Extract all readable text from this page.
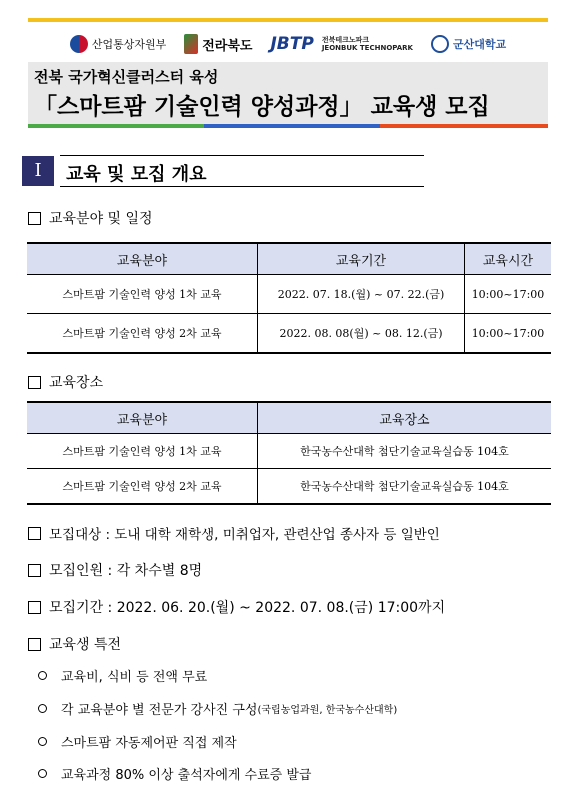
산업통상자원부	전라북도 JBTP 전북테크노파크
JEONBUK TECHNOPARK	군산대학교
전북 국가혁신클러스터 육성
「스마트팜 기술인력 양성과정」 교육생 모집
I	교육 및 모집 개요
교육분야 및 일정
교육분야	교육기간	교육시간
스마트팜 기술인력 양성 1차 교육	2022. 07. 18.(월) ~ 07. 22.(금)	10:00~17:00
스마트팜 기술인력 양성 2차 교육	2022. 08. 08(월) ~ 08. 12.(금)	10:00~17:00
교육장소
교육분야	교육장소
스마트팜 기술인력 양성 1차 교육	한국농수산대학 첨단기술교육실습동 104호
스마트팜 기술인력 양성 2차 교육	한국농수산대학 첨단기술교육실습동 104호
모집대상 : 도내 대학 재학생, 미취업자, 관련산업 종사자 등 일반인
모집인원 : 각 차수별 8명
모집기간 : 2022. 06. 20.(월) ~ 2022. 07. 08.(금) 17:00까지
교육생 특전
교육비, 식비 등 전액 무료
각 교육분야 별 전문가 강사진 구성 (국립농업과원, 한국농수산대학)
스마트팜 자동제어판 직접 제작
교육과정 80% 이상 출석자에게 수료증 발급
